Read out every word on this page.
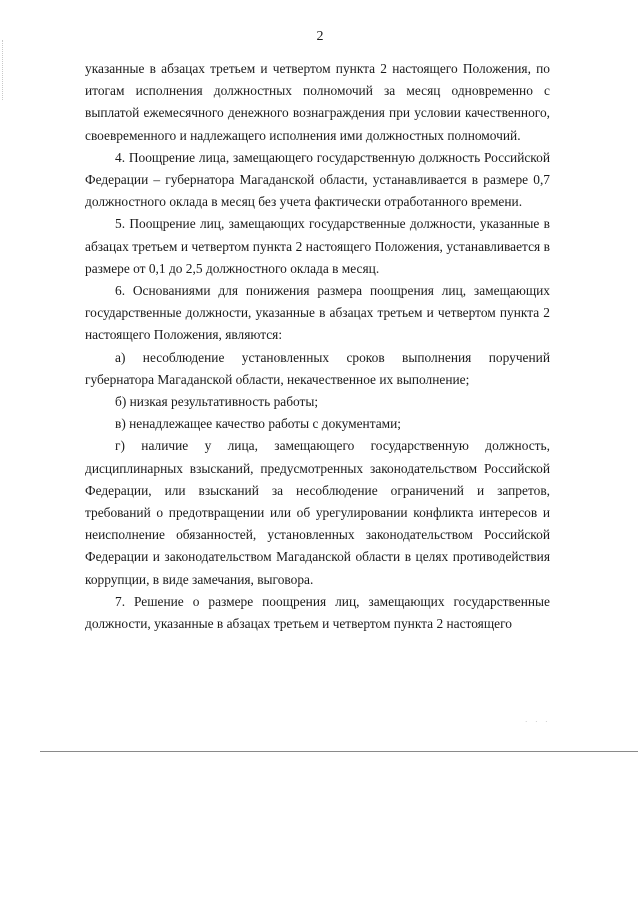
2

указанные в абзацах третьем и четвертом пункта 2 настоящего Положения, по итогам исполнения должностных полномочий за месяц одновременно с выплатой ежемесячного денежного вознаграждения при условии качественного, своевременного и надлежащего исполнения ими должностных полномочий.

4. Поощрение лица, замещающего государственную должность Российской Федерации – губернатора Магаданской области, устанавливается в размере 0,7 должностного оклада в месяц без учета фактически отработанного времени.

5. Поощрение лиц, замещающих государственные должности, указанные в абзацах третьем и четвертом пункта 2 настоящего Положения, устанавливается в размере от 0,1 до 2,5 должностного оклада в месяц.

6. Основаниями для понижения размера поощрения лиц, замещающих государственные должности, указанные в абзацах третьем и четвертом пункта 2 настоящего Положения, являются:

а) несоблюдение установленных сроков выполнения поручений губернатора Магаданской области, некачественное их выполнение;

б) низкая результативность работы;

в) ненадлежащее качество работы с документами;

г) наличие у лица, замещающего государственную должность, дисциплинарных взысканий, предусмотренных законодательством Российской Федерации, или взысканий за несоблюдение ограничений и запретов, требований о предотвращении или об урегулировании конфликта интересов и неисполнение обязанностей, установленных законодательством Российской Федерации и законодательством Магаданской области в целях противодействия коррупции, в виде замечания, выговора.

7. Решение о размере поощрения лиц, замещающих государственные должности, указанные в абзацах третьем и четвертом пункта 2 настоящего

· · ·
